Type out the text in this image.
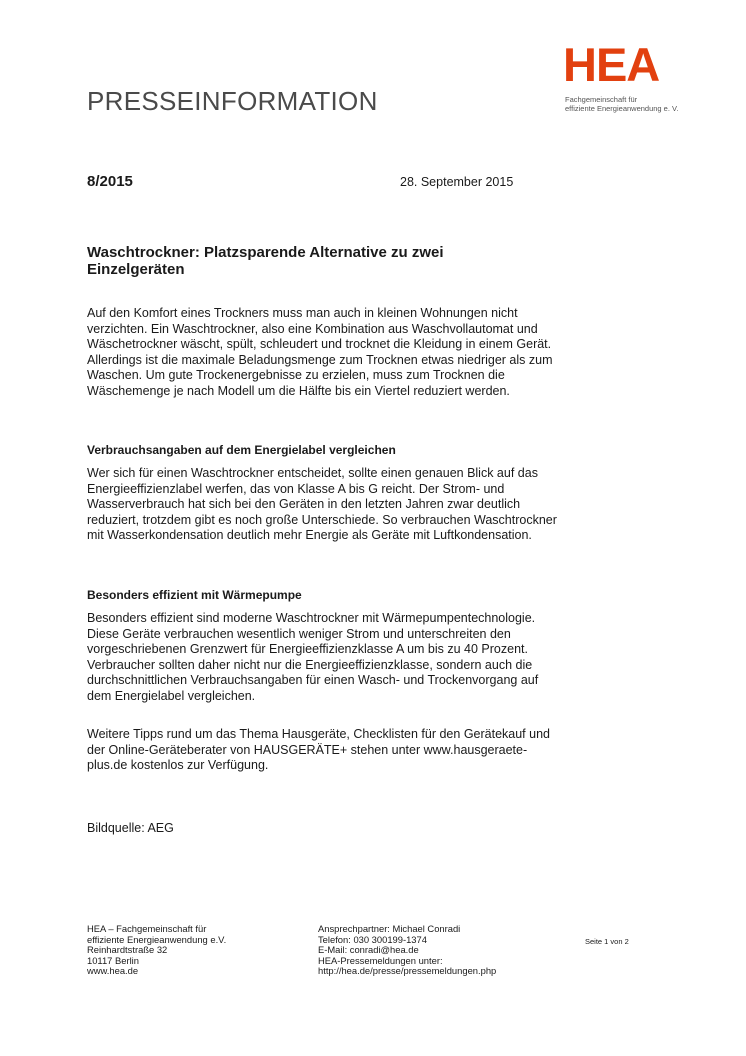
HEA
Fachgemeinschaft für
effiziente Energieanwendung e. V.
PRESSEINFORMATION
8/2015	28. September 2015
Waschtrockner: Platzsparende Alternative zu zwei
Einzelgeräten
Auf den Komfort eines Trockners muss man auch in kleinen Wohnungen nicht verzichten. Ein Waschtrockner, also eine Kombination aus Waschvollautomat und Wäschetrockner wäscht, spült, schleudert und trocknet die Kleidung in einem Gerät. Allerdings ist die maximale Beladungsmenge zum Trocknen etwas niedriger als zum Waschen. Um gute Trockenergebnisse zu erzielen, muss zum Trocknen die Wäschemenge je nach Modell um die Hälfte bis ein Viertel reduziert werden.
Verbrauchsangaben auf dem Energielabel vergleichen
Wer sich für einen Waschtrockner entscheidet, sollte einen genauen Blick auf das Energieeffizienzlabel werfen, das von Klasse A bis G reicht. Der Strom- und Wasserverbrauch hat sich bei den Geräten in den letzten Jahren zwar deutlich reduziert, trotzdem gibt es noch große Unterschiede. So verbrauchen Waschtrockner mit Wasserkondensation deutlich mehr Energie als Geräte mit Luftkondensation.
Besonders effizient mit Wärmepumpe
Besonders effizient sind moderne Waschtrockner mit Wärmepumpentechnologie. Diese Geräte verbrauchen wesentlich weniger Strom und unterschreiten den vorgeschriebenen Grenzwert für Energieeffizienzklasse A um bis zu 40 Prozent. Verbraucher sollten daher nicht nur die Energieeffizienzklasse, sondern auch die durchschnittlichen Verbrauchsangaben für einen Wasch- und Trockenvorgang auf dem Energielabel vergleichen.
Weitere Tipps rund um das Thema Hausgeräte, Checklisten für den Gerätekauf und der Online-Geräteberater von HAUSGERÄTE+ stehen unter www.hausgeraete-plus.de kostenlos zur Verfügung.
Bildquelle: AEG
HEA – Fachgemeinschaft für
effiziente Energieanwendung e.V.
Reinhardtstraße 32
10117 Berlin
www.hea.de
Ansprechpartner: Michael Conradi
Telefon: 030 300199-1374
E-Mail: conradi@hea.de
HEA-Pressemeldungen unter:
http://hea.de/presse/pressemeldungen.php
Seite 1 von 2
